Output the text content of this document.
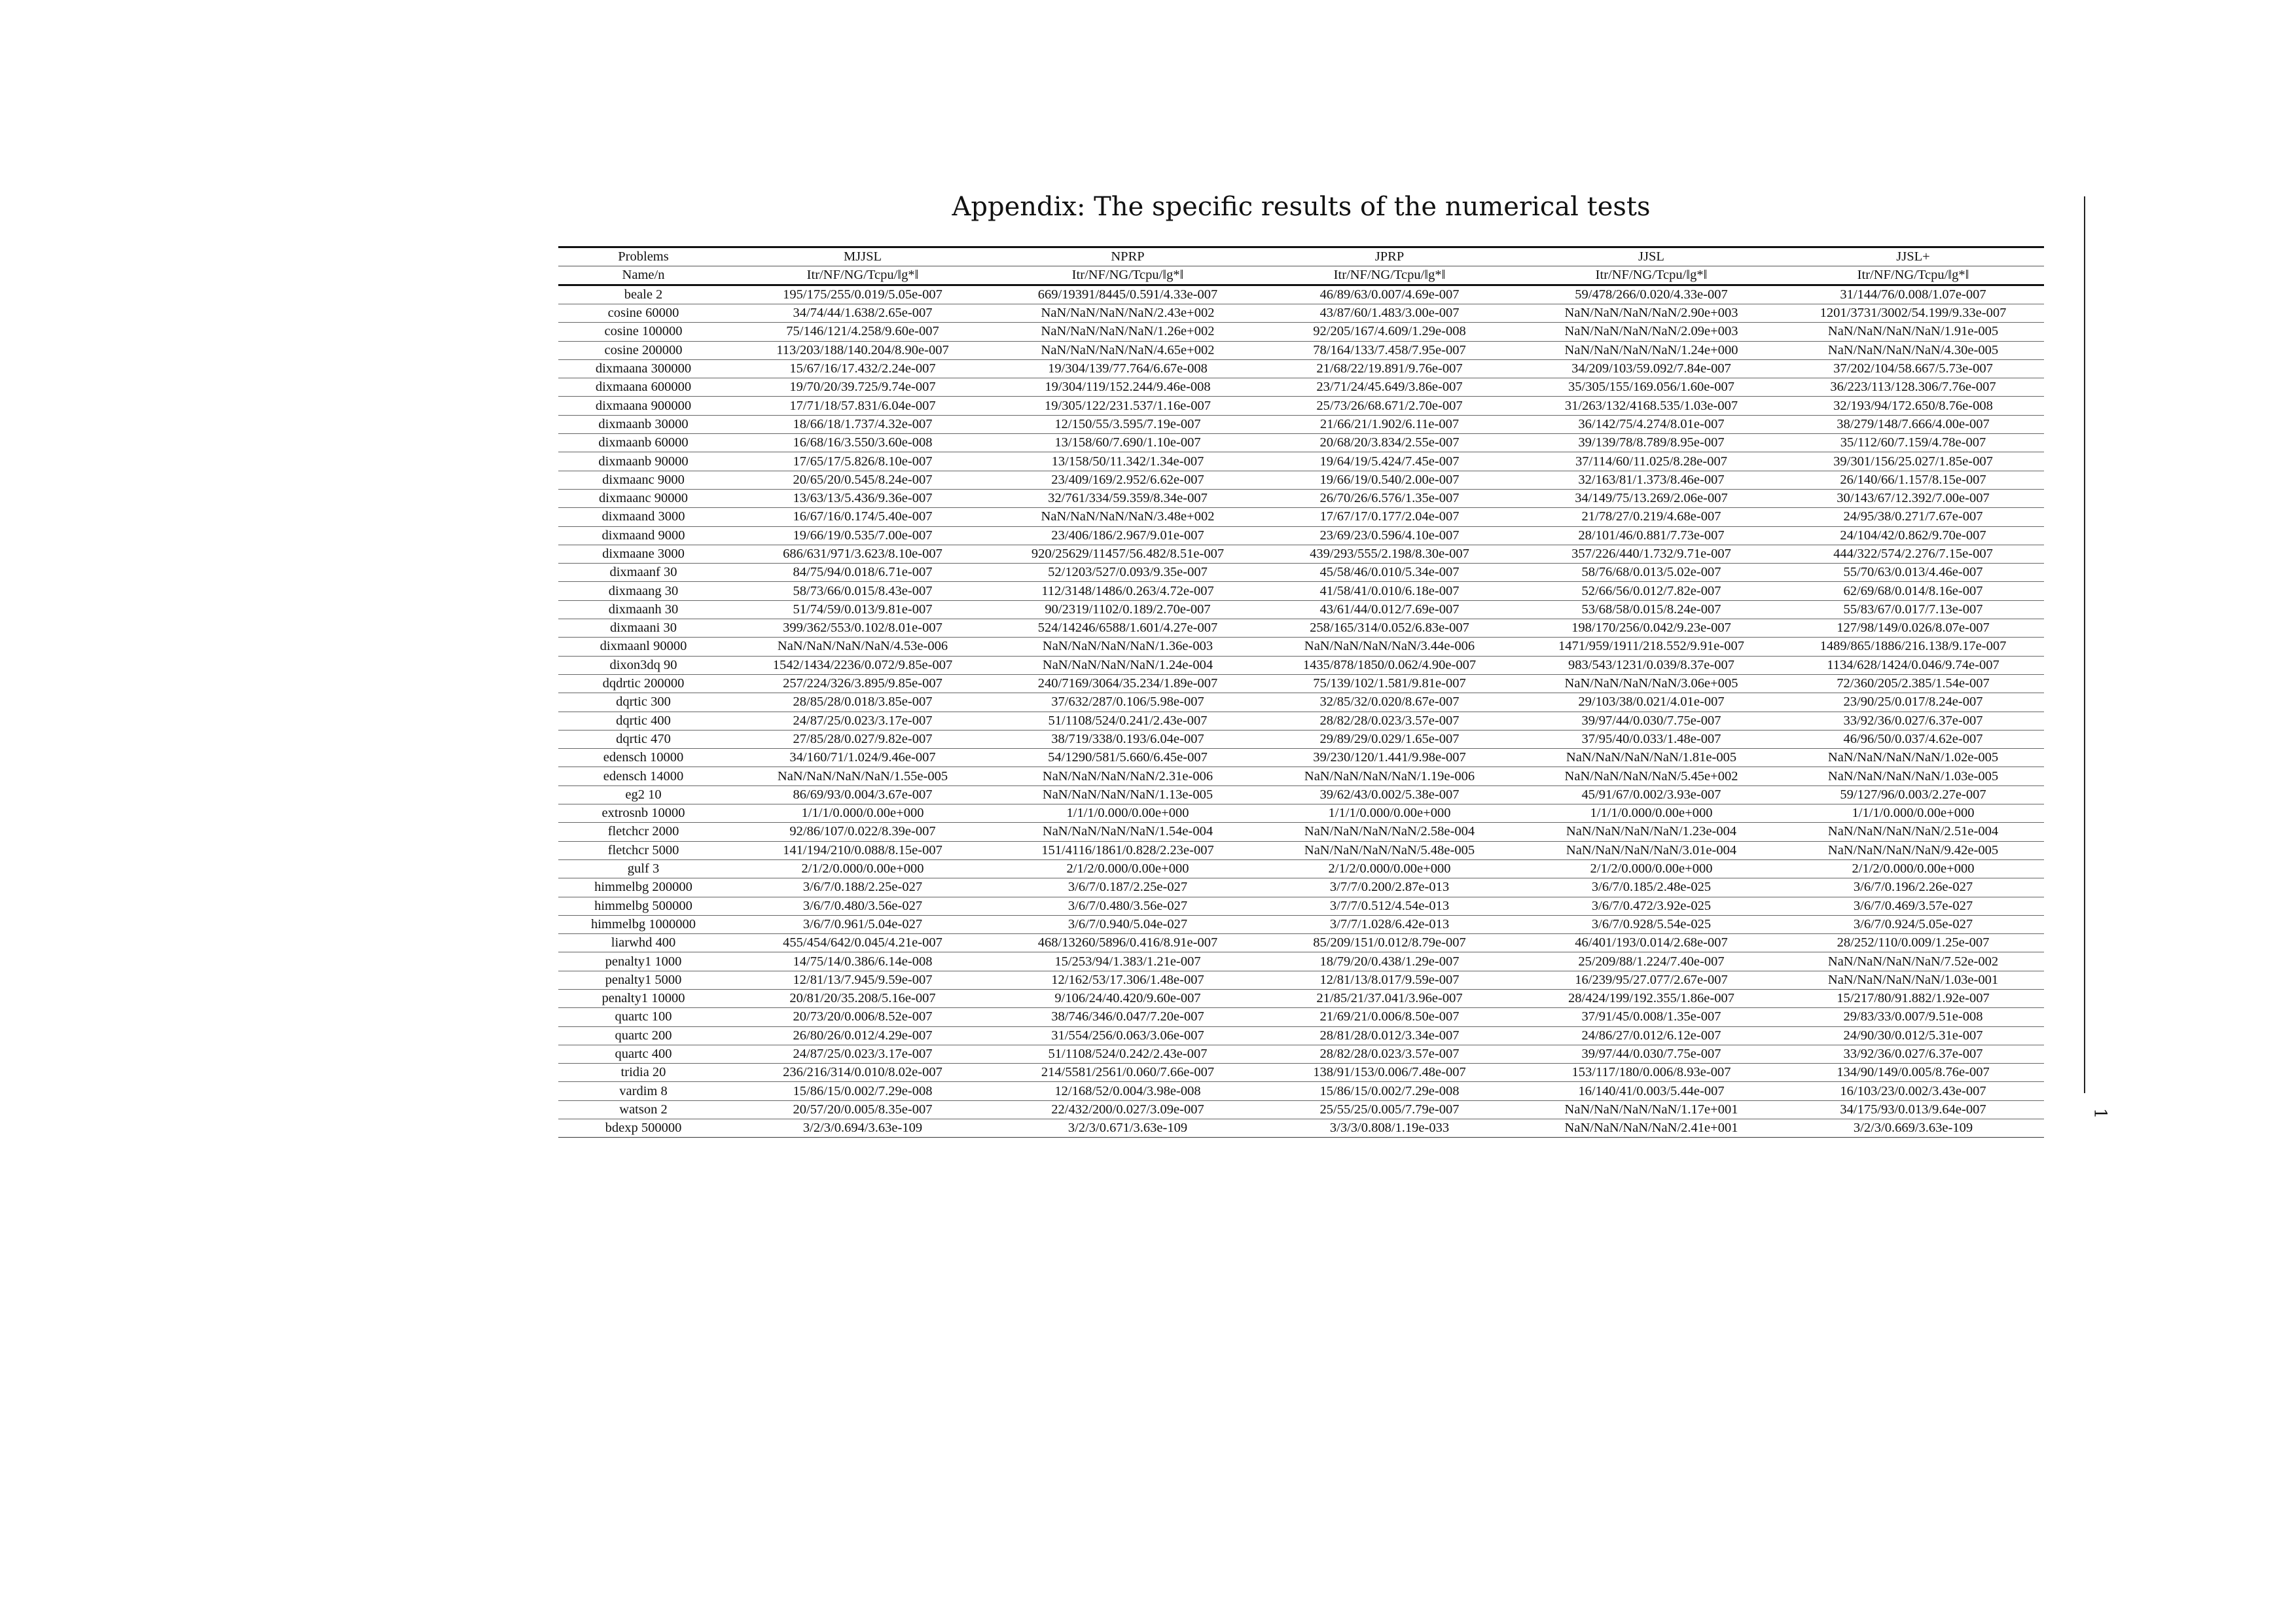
Appendix: The specific results of the numerical tests
Problems	MJJSL	NPRP	JPRP	JJSL	JJSL+
Name/n	Itr/NF/NG/Tcpu/‖g*‖	Itr/NF/NG/Tcpu/‖g*‖	Itr/NF/NG/Tcpu/‖g*‖	Itr/NF/NG/Tcpu/‖g*‖	Itr/NF/NG/Tcpu/‖g*‖
beale 2	195/175/255/0.019/5.05e-007	669/19391/8445/0.591/4.33e-007	46/89/63/0.007/4.69e-007	59/478/266/0.020/4.33e-007	31/144/76/0.008/1.07e-007
cosine 60000	34/74/44/1.638/2.65e-007	NaN/NaN/NaN/NaN/2.43e+002	43/87/60/1.483/3.00e-007	NaN/NaN/NaN/NaN/2.90e+003	1201/3731/3002/54.199/9.33e-007
cosine 100000	75/146/121/4.258/9.60e-007	NaN/NaN/NaN/NaN/1.26e+002	92/205/167/4.609/1.29e-008	NaN/NaN/NaN/NaN/2.09e+003	NaN/NaN/NaN/NaN/1.91e-005
cosine 200000	113/203/188/140.204/8.90e-007	NaN/NaN/NaN/NaN/4.65e+002	78/164/133/7.458/7.95e-007	NaN/NaN/NaN/NaN/1.24e+000	NaN/NaN/NaN/NaN/4.30e-005
dixmaana 300000	15/67/16/17.432/2.24e-007	19/304/139/77.764/6.67e-008	21/68/22/19.891/9.76e-007	34/209/103/59.092/7.84e-007	37/202/104/58.667/5.73e-007
dixmaana 600000	19/70/20/39.725/9.74e-007	19/304/119/152.244/9.46e-008	23/71/24/45.649/3.86e-007	35/305/155/169.056/1.60e-007	36/223/113/128.306/7.76e-007
dixmaana 900000	17/71/18/57.831/6.04e-007	19/305/122/231.537/1.16e-007	25/73/26/68.671/2.70e-007	31/263/132/4168.535/1.03e-007	32/193/94/172.650/8.76e-008
dixmaanb 30000	18/66/18/1.737/4.32e-007	12/150/55/3.595/7.19e-007	21/66/21/1.902/6.11e-007	36/142/75/4.274/8.01e-007	38/279/148/7.666/4.00e-007
dixmaanb 60000	16/68/16/3.550/3.60e-008	13/158/60/7.690/1.10e-007	20/68/20/3.834/2.55e-007	39/139/78/8.789/8.95e-007	35/112/60/7.159/4.78e-007
dixmaanb 90000	17/65/17/5.826/8.10e-007	13/158/50/11.342/1.34e-007	19/64/19/5.424/7.45e-007	37/114/60/11.025/8.28e-007	39/301/156/25.027/1.85e-007
dixmaanc 9000	20/65/20/0.545/8.24e-007	23/409/169/2.952/6.62e-007	19/66/19/0.540/2.00e-007	32/163/81/1.373/8.46e-007	26/140/66/1.157/8.15e-007
dixmaanc 90000	13/63/13/5.436/9.36e-007	32/761/334/59.359/8.34e-007	26/70/26/6.576/1.35e-007	34/149/75/13.269/2.06e-007	30/143/67/12.392/7.00e-007
dixmaand 3000	16/67/16/0.174/5.40e-007	NaN/NaN/NaN/NaN/3.48e+002	17/67/17/0.177/2.04e-007	21/78/27/0.219/4.68e-007	24/95/38/0.271/7.67e-007
dixmaand 9000	19/66/19/0.535/7.00e-007	23/406/186/2.967/9.01e-007	23/69/23/0.596/4.10e-007	28/101/46/0.881/7.73e-007	24/104/42/0.862/9.70e-007
dixmaane 3000	686/631/971/3.623/8.10e-007	920/25629/11457/56.482/8.51e-007	439/293/555/2.198/8.30e-007	357/226/440/1.732/9.71e-007	444/322/574/2.276/7.15e-007
dixmaanf 30	84/75/94/0.018/6.71e-007	52/1203/527/0.093/9.35e-007	45/58/46/0.010/5.34e-007	58/76/68/0.013/5.02e-007	55/70/63/0.013/4.46e-007
dixmaang 30	58/73/66/0.015/8.43e-007	112/3148/1486/0.263/4.72e-007	41/58/41/0.010/6.18e-007	52/66/56/0.012/7.82e-007	62/69/68/0.014/8.16e-007
dixmaanh 30	51/74/59/0.013/9.81e-007	90/2319/1102/0.189/2.70e-007	43/61/44/0.012/7.69e-007	53/68/58/0.015/8.24e-007	55/83/67/0.017/7.13e-007
dixmaani 30	399/362/553/0.102/8.01e-007	524/14246/6588/1.601/4.27e-007	258/165/314/0.052/6.83e-007	198/170/256/0.042/9.23e-007	127/98/149/0.026/8.07e-007
dixmaanl 90000	NaN/NaN/NaN/NaN/4.53e-006	NaN/NaN/NaN/NaN/1.36e-003	NaN/NaN/NaN/NaN/3.44e-006	1471/959/1911/218.552/9.91e-007	1489/865/1886/216.138/9.17e-007
dixon3dq 90	1542/1434/2236/0.072/9.85e-007	NaN/NaN/NaN/NaN/1.24e-004	1435/878/1850/0.062/4.90e-007	983/543/1231/0.039/8.37e-007	1134/628/1424/0.046/9.74e-007
dqdrtic 200000	257/224/326/3.895/9.85e-007	240/7169/3064/35.234/1.89e-007	75/139/102/1.581/9.81e-007	NaN/NaN/NaN/NaN/3.06e+005	72/360/205/2.385/1.54e-007
dqrtic 300	28/85/28/0.018/3.85e-007	37/632/287/0.106/5.98e-007	32/85/32/0.020/8.67e-007	29/103/38/0.021/4.01e-007	23/90/25/0.017/8.24e-007
dqrtic 400	24/87/25/0.023/3.17e-007	51/1108/524/0.241/2.43e-007	28/82/28/0.023/3.57e-007	39/97/44/0.030/7.75e-007	33/92/36/0.027/6.37e-007
dqrtic 470	27/85/28/0.027/9.82e-007	38/719/338/0.193/6.04e-007	29/89/29/0.029/1.65e-007	37/95/40/0.033/1.48e-007	46/96/50/0.037/4.62e-007
edensch 10000	34/160/71/1.024/9.46e-007	54/1290/581/5.660/6.45e-007	39/230/120/1.441/9.98e-007	NaN/NaN/NaN/NaN/1.81e-005	NaN/NaN/NaN/NaN/1.02e-005
edensch 14000	NaN/NaN/NaN/NaN/1.55e-005	NaN/NaN/NaN/NaN/2.31e-006	NaN/NaN/NaN/NaN/1.19e-006	NaN/NaN/NaN/NaN/5.45e+002	NaN/NaN/NaN/NaN/1.03e-005
eg2 10	86/69/93/0.004/3.67e-007	NaN/NaN/NaN/NaN/1.13e-005	39/62/43/0.002/5.38e-007	45/91/67/0.002/3.93e-007	59/127/96/0.003/2.27e-007
extrosnb 10000	1/1/1/0.000/0.00e+000	1/1/1/0.000/0.00e+000	1/1/1/0.000/0.00e+000	1/1/1/0.000/0.00e+000	1/1/1/0.000/0.00e+000
fletchcr 2000	92/86/107/0.022/8.39e-007	NaN/NaN/NaN/NaN/1.54e-004	NaN/NaN/NaN/NaN/2.58e-004	NaN/NaN/NaN/NaN/1.23e-004	NaN/NaN/NaN/NaN/2.51e-004
fletchcr 5000	141/194/210/0.088/8.15e-007	151/4116/1861/0.828/2.23e-007	NaN/NaN/NaN/NaN/5.48e-005	NaN/NaN/NaN/NaN/3.01e-004	NaN/NaN/NaN/NaN/9.42e-005
gulf 3	2/1/2/0.000/0.00e+000	2/1/2/0.000/0.00e+000	2/1/2/0.000/0.00e+000	2/1/2/0.000/0.00e+000	2/1/2/0.000/0.00e+000
himmelbg 200000	3/6/7/0.188/2.25e-027	3/6/7/0.187/2.25e-027	3/7/7/0.200/2.87e-013	3/6/7/0.185/2.48e-025	3/6/7/0.196/2.26e-027
himmelbg 500000	3/6/7/0.480/3.56e-027	3/6/7/0.480/3.56e-027	3/7/7/0.512/4.54e-013	3/6/7/0.472/3.92e-025	3/6/7/0.469/3.57e-027
himmelbg 1000000	3/6/7/0.961/5.04e-027	3/6/7/0.940/5.04e-027	3/7/7/1.028/6.42e-013	3/6/7/0.928/5.54e-025	3/6/7/0.924/5.05e-027
liarwhd 400	455/454/642/0.045/4.21e-007	468/13260/5896/0.416/8.91e-007	85/209/151/0.012/8.79e-007	46/401/193/0.014/2.68e-007	28/252/110/0.009/1.25e-007
penalty1 1000	14/75/14/0.386/6.14e-008	15/253/94/1.383/1.21e-007	18/79/20/0.438/1.29e-007	25/209/88/1.224/7.40e-007	NaN/NaN/NaN/NaN/7.52e-002
penalty1 5000	12/81/13/7.945/9.59e-007	12/162/53/17.306/1.48e-007	12/81/13/8.017/9.59e-007	16/239/95/27.077/2.67e-007	NaN/NaN/NaN/NaN/1.03e-001
penalty1 10000	20/81/20/35.208/5.16e-007	9/106/24/40.420/9.60e-007	21/85/21/37.041/3.96e-007	28/424/199/192.355/1.86e-007	15/217/80/91.882/1.92e-007
quartc 100	20/73/20/0.006/8.52e-007	38/746/346/0.047/7.20e-007	21/69/21/0.006/8.50e-007	37/91/45/0.008/1.35e-007	29/83/33/0.007/9.51e-008
quartc 200	26/80/26/0.012/4.29e-007	31/554/256/0.063/3.06e-007	28/81/28/0.012/3.34e-007	24/86/27/0.012/6.12e-007	24/90/30/0.012/5.31e-007
quartc 400	24/87/25/0.023/3.17e-007	51/1108/524/0.242/2.43e-007	28/82/28/0.023/3.57e-007	39/97/44/0.030/7.75e-007	33/92/36/0.027/6.37e-007
tridia 20	236/216/314/0.010/8.02e-007	214/5581/2561/0.060/7.66e-007	138/91/153/0.006/7.48e-007	153/117/180/0.006/8.93e-007	134/90/149/0.005/8.76e-007
vardim 8	15/86/15/0.002/7.29e-008	12/168/52/0.004/3.98e-008	15/86/15/0.002/7.29e-008	16/140/41/0.003/5.44e-007	16/103/23/0.002/3.43e-007
watson 2	20/57/20/0.005/8.35e-007	22/432/200/0.027/3.09e-007	25/55/25/0.005/7.79e-007	NaN/NaN/NaN/NaN/1.17e+001	34/175/93/0.013/9.64e-007
bdexp 500000	3/2/3/0.694/3.63e-109	3/2/3/0.671/3.63e-109	3/3/3/0.808/1.19e-033	NaN/NaN/NaN/NaN/2.41e+001	3/2/3/0.669/3.63e-109
1
